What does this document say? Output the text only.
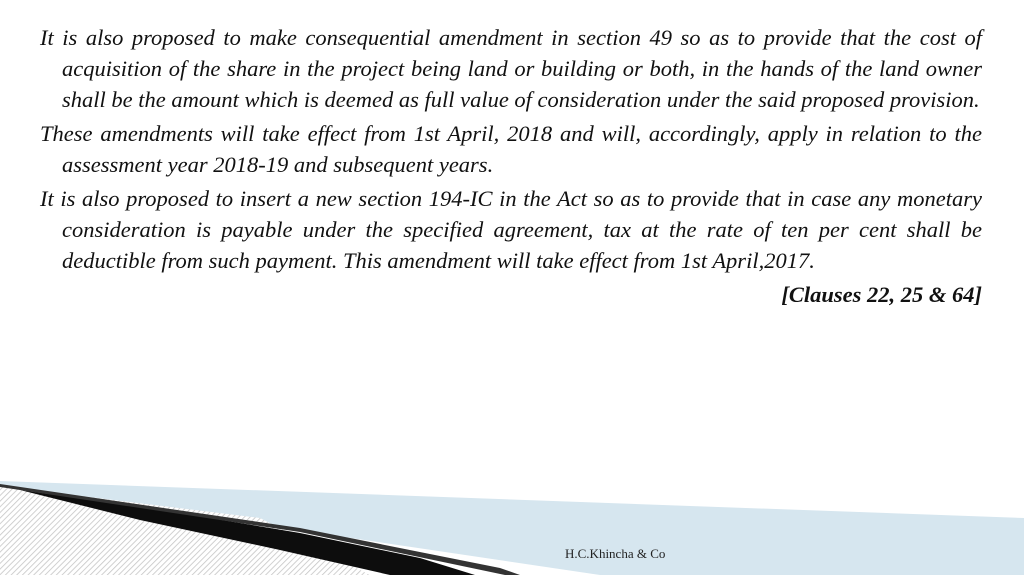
It is also proposed to make consequential amendment in section 49 so as to provide that the cost of acquisition of the share in the project being land or building or both, in the hands of the land owner shall be the amount which is deemed as full value of consideration under the said proposed provision.

These amendments will take effect from 1st April, 2018 and will, accordingly, apply in relation to the assessment year 2018-19 and subsequent years.

It is also proposed to insert a new section 194-IC in the Act so as to provide that in case any monetary consideration is payable under the specified agreement, tax at the rate of ten per cent shall be deductible from such payment. This amendment will take effect from 1st April,2017.

[Clauses 22, 25 & 64]

H.C.Khincha & Co
